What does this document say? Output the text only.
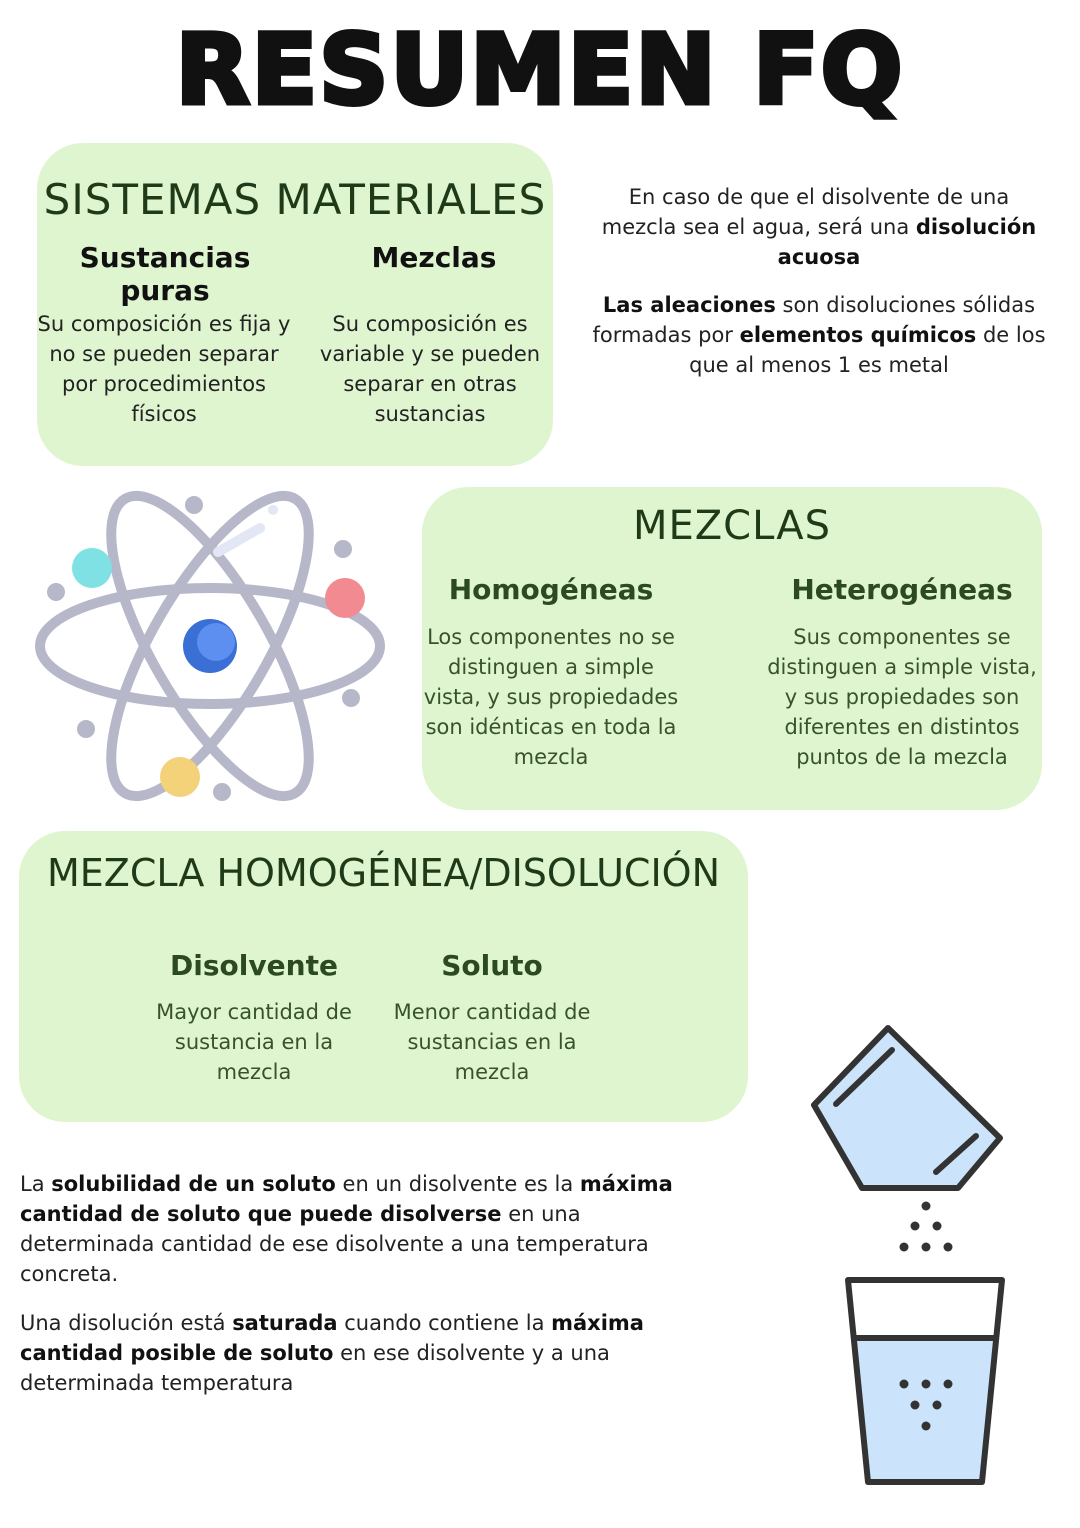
RESUMEN FQ
SISTEMAS MATERIALES
Sustancias puras
Mezclas
Su composición es fija y no se pueden separar por procedimientos físicos
Su composición es variable y se pueden separar en otras sustancias
En caso de que el disolvente de una mezcla sea el agua, será una disolución acuosa
Las aleaciones son disoluciones sólidas formadas por elementos químicos de los que al menos 1 es metal
MEZCLAS
Homogéneas	Heterogéneas
Los componentes no se distinguen a simple vista, y sus propiedades son idénticas en toda la mezcla
Sus componentes se distinguen a simple vista, y sus propiedades son diferentes en distintos puntos de la mezcla
MEZCLA HOMOGÉNEA/DISOLUCIÓN
Disolvente	Soluto
Mayor cantidad de sustancia en la mezcla
Menor cantidad de sustancias en la mezcla
La solubilidad de un soluto en un disolvente es la máxima cantidad de soluto que puede disolverse en una determinada cantidad de ese disolvente a una temperatura concreta.
Una disolución está saturada cuando contiene la máxima cantidad posible de soluto en ese disolvente y a una determinada temperatura
